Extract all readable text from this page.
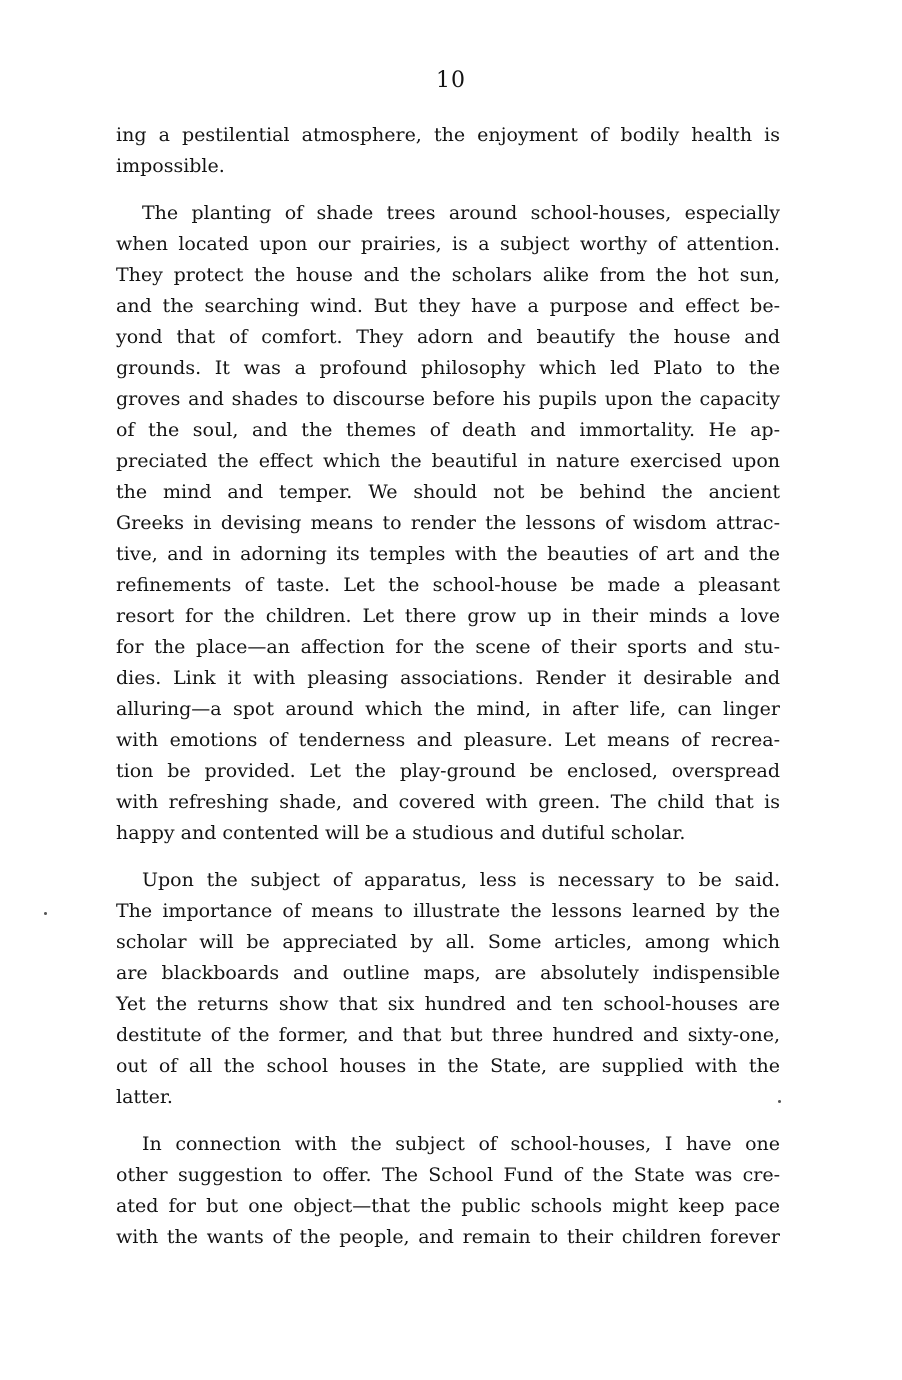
10
ing a pestilential atmosphere, the enjoyment of bodily health is
impossible.
The planting of shade trees around school-houses, especially
when located upon our prairies, is a subject worthy of attention.
They protect the house and the scholars alike from the hot sun,
and the searching wind. But they have a purpose and effect be-
yond that of comfort. They adorn and beautify the house and
grounds. It was a profound philosophy which led Plato to the
groves and shades to discourse before his pupils upon the capacity
of the soul, and the themes of death and immortality. He ap-
preciated the effect which the beautiful in nature exercised upon
the mind and temper. We should not be behind the ancient
Greeks in devising means to render the lessons of wisdom attrac-
tive, and in adorning its temples with the beauties of art and the
refinements of taste. Let the school-house be made a pleasant
resort for the children. Let there grow up in their minds a love
for the place—an affection for the scene of their sports and stu-
dies. Link it with pleasing associations. Render it desirable and
alluring—a spot around which the mind, in after life, can linger
with emotions of tenderness and pleasure. Let means of recrea-
tion be provided. Let the play-ground be enclosed, overspread
with refreshing shade, and covered with green. The child that is
happy and contented will be a studious and dutiful scholar.
Upon the subject of apparatus, less is necessary to be said.
The importance of means to illustrate the lessons learned by the
scholar will be appreciated by all. Some articles, among which
are blackboards and outline maps, are absolutely indispensible
Yet the returns show that six hundred and ten school-houses are
destitute of the former, and that but three hundred and sixty-one,
out of all the school houses in the State, are supplied with the
latter.
In connection with the subject of school-houses, I have one
other suggestion to offer. The School Fund of the State was cre-
ated for but one object—that the public schools might keep pace
with the wants of the people, and remain to their children forever
